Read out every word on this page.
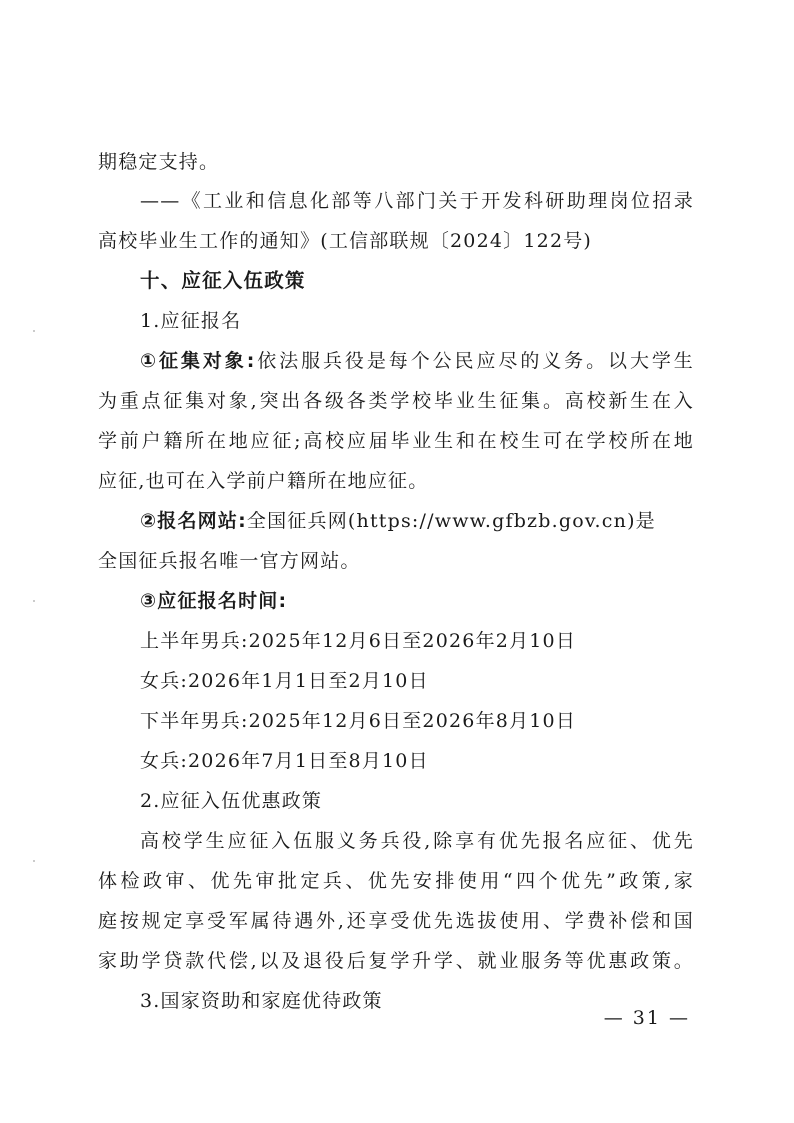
期稳定支持。
——《工业和信息化部等八部门关于开发科研助理岗位招录
高校毕业生工作的通知》(工信部联规〔2024〕122号)
十、应征入伍政策
1.应征报名
①征集对象:依法服兵役是每个公民应尽的义务。以大学生
为重点征集对象,突出各级各类学校毕业生征集。高校新生在入
学前户籍所在地应征;高校应届毕业生和在校生可在学校所在地
应征,也可在入学前户籍所在地应征。
②报名网站:全国征兵网(https://www.gfbzb.gov.cn)是
全国征兵报名唯一官方网站。
③应征报名时间:
上半年男兵:2025年12月6日至2026年2月10日
女兵:2026年1月1日至2月10日
下半年男兵:2025年12月6日至2026年8月10日
女兵:2026年7月1日至8月10日
2.应征入伍优惠政策
高校学生应征入伍服义务兵役,除享有优先报名应征、优先
体检政审、优先审批定兵、优先安排使用“四个优先”政策,家
庭按规定享受军属待遇外,还享受优先选拔使用、学费补偿和国
家助学贷款代偿,以及退役后复学升学、就业服务等优惠政策。
3.国家资助和家庭优待政策
— 31 —
